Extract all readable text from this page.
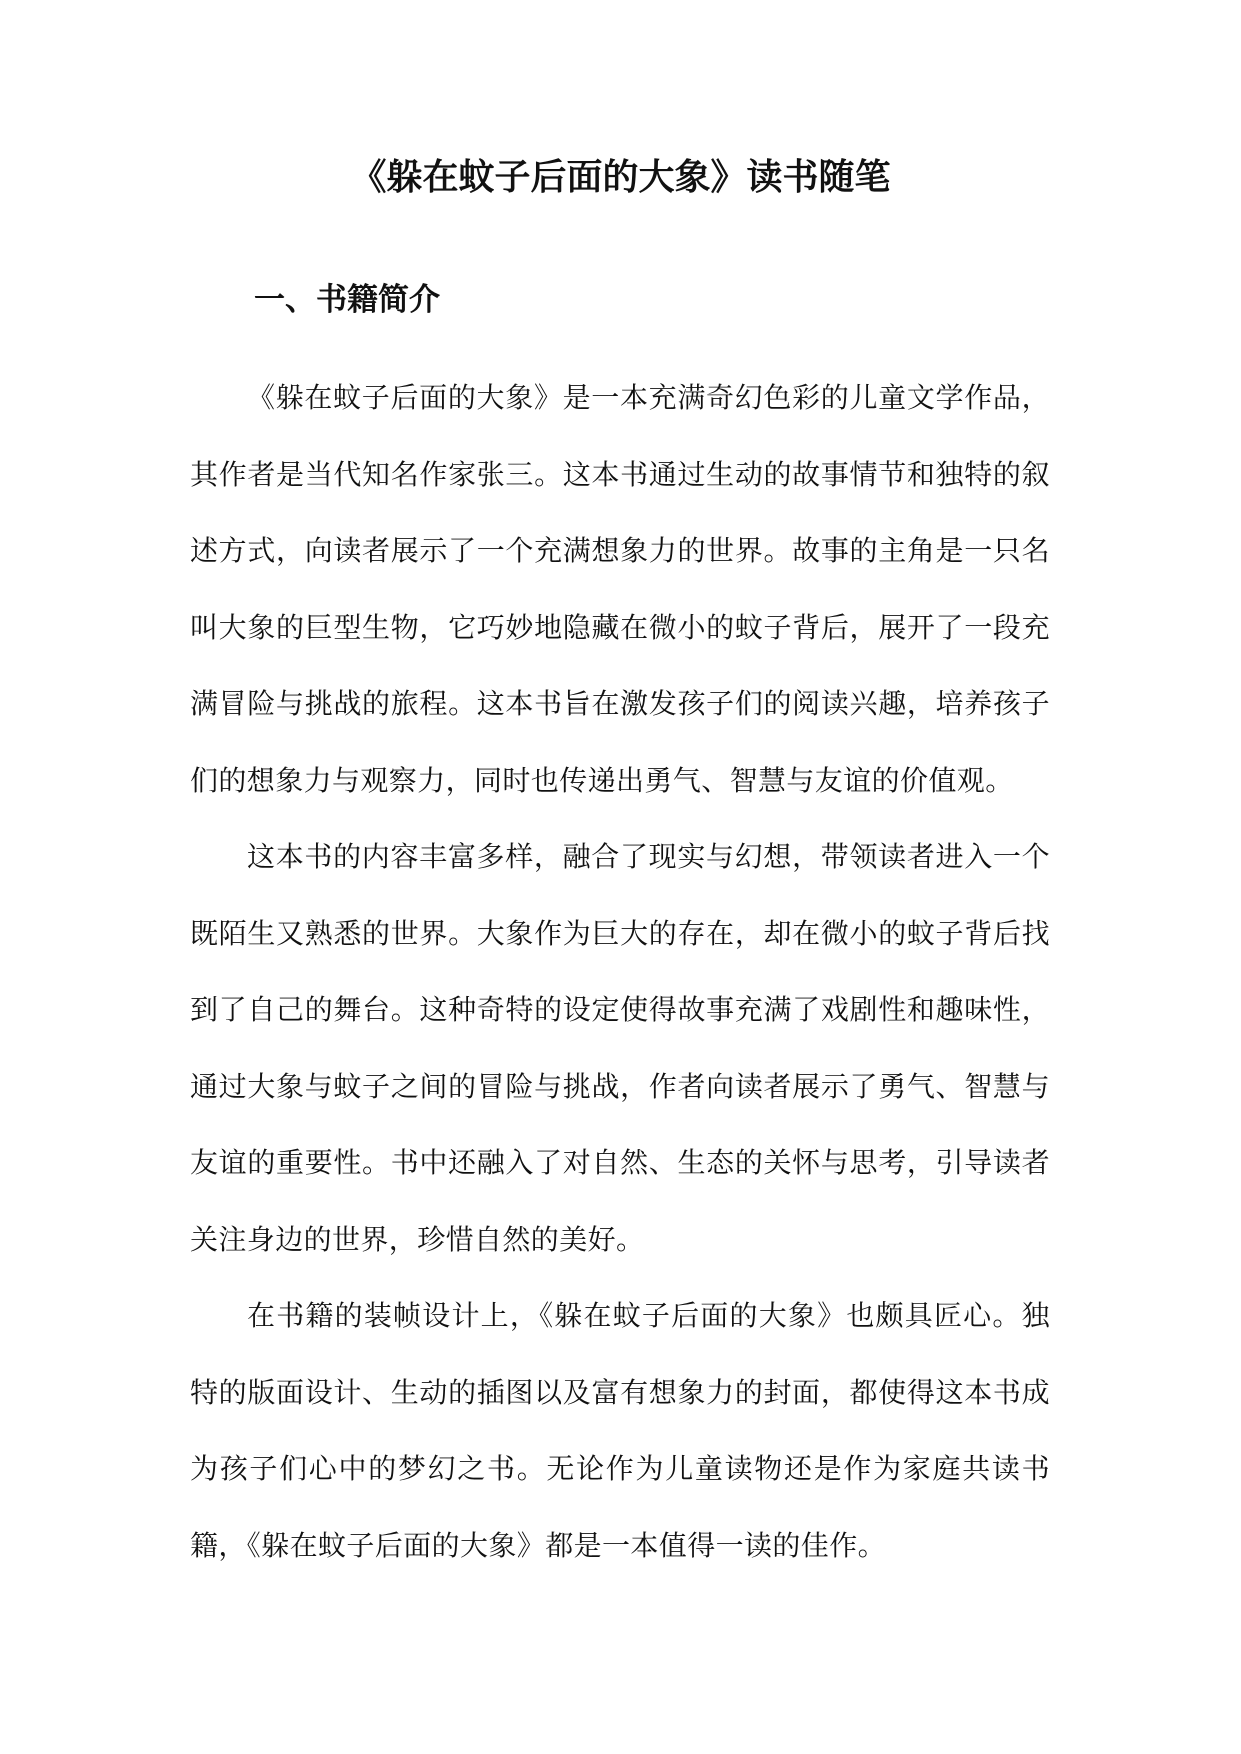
《躲在蚊子后面的大象》读书随笔
一、书籍简介

《躲在蚊子后面的大象》是一本充满奇幻色彩的儿童文学作品，其作者是当代知名作家张三。这本书通过生动的故事情节和独特的叙述方式，向读者展示了一个充满想象力的世界。故事的主角是一只名叫大象的巨型生物，它巧妙地隐藏在微小的蚊子背后，展开了一段充满冒险与挑战的旅程。这本书旨在激发孩子们的阅读兴趣，培养孩子们的想象力与观察力，同时也传递出勇气、智慧与友谊的价值观。

这本书的内容丰富多样，融合了现实与幻想，带领读者进入一个既陌生又熟悉的世界。大象作为巨大的存在，却在微小的蚊子背后找到了自己的舞台。这种奇特的设定使得故事充满了戏剧性和趣味性，通过大象与蚊子之间的冒险与挑战，作者向读者展示了勇气、智慧与友谊的重要性。书中还融入了对自然、生态的关怀与思考，引导读者关注身边的世界，珍惜自然的美好。

在书籍的装帧设计上，《躲在蚊子后面的大象》也颇具匠心。独特的版面设计、生动的插图以及富有想象力的封面，都使得这本书成为孩子们心中的梦幻之书。无论作为儿童读物还是作为家庭共读书籍，《躲在蚊子后面的大象》都是一本值得一读的佳作。
